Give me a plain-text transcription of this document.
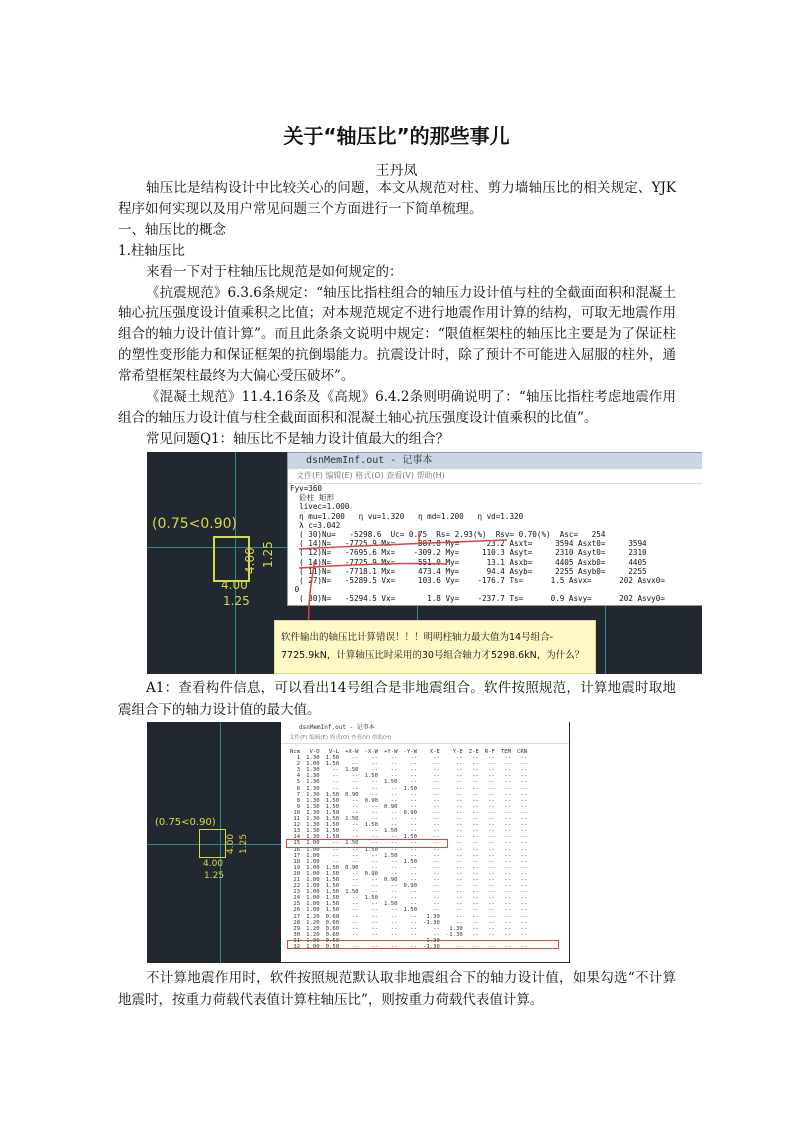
关于“轴压比”的那些事儿
王丹凤
轴压比是结构设计中比较关心的问题，本文从规范对柱、剪力墙轴压比的相关规定、YJK程序如何实现以及用户常见问题三个方面进行一下简单梳理。
一、轴压比的概念
1.柱轴压比
来看一下对于柱轴压比规范是如何规定的：
《抗震规范》6.3.6条规定：“轴压比指柱组合的轴压力设计值与柱的全截面面积和混凝土轴心抗压强度设计值乘积之比值；对本规范规定不进行地震作用计算的结构，可取无地震作用组合的轴力设计值计算”。而且此条条文说明中规定：“限值框架柱的轴压比主要是为了保证柱的塑性变形能力和保证框架的抗倒塌能力。抗震设计时，除了预计不可能进入屈服的柱外，通常希望框架柱最终为大偏心受压破坏”。
《混凝土规范》11.4.16条及《高规》6.4.2条则明确说明了：“轴压比指柱考虑地震作用组合的轴压力设计值与柱全截面面积和混凝土轴心抗压强度设计值乘积的比值”。
常见问题Q1：轴压比不是轴力设计值最大的组合？
(0.75<0.90)
4.00 1.25
4.00
1.25
dsnMemInf.out - 记事本
文件(F) 编辑(E) 格式(O) 查看(V) 帮助(H)
Fyv=360
砼柱 矩形
livec=1.000
η mu=1.200   η vu=1.320   η md=1.200   η vd=1.320
λ c=3.042
( 30)Nu=   -5298.6  Uc= 0.75  Rs= 2.93(%)  Rsv= 0.70(%)  Asc=   254
( 14)N=   -7725.9 Mx=    -387.8 My=      23.2 Asxt=     3594 Asxt0=     3594
( 12)N=   -7695.6 Mx=    -309.2 My=     110.3 Asyt=     2310 Asyt0=     2310
( 14)N=   -7725.9 Mx=     551.0 My=      13.1 Asxb=     4405 Asxb0=     4405
( 11)N=   -7718.1 Mx=     473.4 My=      94.4 Asyb=     2255 Asyb0=     2255
( 27)N=   -5289.5 Vx=     103.6 Vy=    -176.7 Ts=      1.5 Asvx=      202 Asvx0=
0
( 30)N=   -5294.5 Vx=       1.8 Vy=    -237.7 Ts=      0.9 Asvy=      202 Asvy0=
软件输出的轴压比计算错误！！！明明柱轴力最大值为14号组合-
7725.9kN，计算轴压比时采用的30号组合轴力才5298.6kN，为什么？
A1：查看构件信息，可以看出14号组合是非地震组合。软件按照规范，计算地震时取地震组合下的轴力设计值的最大值。
(0.75<0.90)
4.00 1.25
4.00
1.25
dsnMemInf.out - 记事本
文件(F) 编辑(E) 格式(O) 查看(V) 帮助(H)
Ncm	V-D	V-L	+X-W	-X-W	+Y-W	-Y-W	X-E	Y-E	Z-E	R-F	TEM	CRN
1	1.30	1.50	--	--	--	--	--	--	--	--	--	--
2	1.00	1.50	--	--	--	--	--	--	--	--	--	--
3	1.30	--	1.50	--	--	--	--	--	--	--	--	--
4	1.30	--	--	1.50	--	--	--	--	--	--	--	--
5	1.30	--	--	--	1.50	--	--	--	--	--	--	--
6	1.30	--	--	--	--	1.50	--	--	--	--	--	--
7	1.30	1.50	0.90	--	--	--	--	--	--	--	--	--
8	1.30	1.50	--	0.90	--	--	--	--	--	--	--	--
9	1.30	1.50	--	--	0.90	--	--	--	--	--	--	--
10	1.30	1.50	--	--	--	0.90	--	--	--	--	--	--
11	1.30	1.50	1.50	--	--	--	--	--	--	--	--	--
12	1.30	1.50	--	1.50	--	--	--	--	--	--	--	--
13	1.30	1.50	--	--	1.50	--	--	--	--	--	--	--
14	1.30	1.50	--	--	--	1.50	--	--	--	--	--	--
15	1.00	--	1.50	--	--	--	--	--	--	--	--	--
16	1.00	--	--	1.50	--	--	--	--	--	--	--	--
17	1.00	--	--	--	1.50	--	--	--	--	--	--	--
18	1.00	--	--	--	--	1.50	--	--	--	--	--	--
19	1.00	1.50	0.90	--	--	--	--	--	--	--	--	--
20	1.00	1.50	--	0.90	--	--	--	--	--	--	--	--
21	1.00	1.50	--	--	0.90	--	--	--	--	--	--	--
22	1.00	1.50	--	--	--	0.90	--	--	--	--	--	--
23	1.00	1.50	1.50	--	--	--	--	--	--	--	--	--
24	1.00	1.50	--	1.50	--	--	--	--	--	--	--	--
25	1.00	1.50	--	--	1.50	--	--	--	--	--	--	--
26	1.00	1.50	--	--	--	1.50	--	--	--	--	--	--
27	1.20	0.60	--	--	--	--	1.30	--	--	--	--	--
28	1.20	0.60	--	--	--	--	-1.30	--	--	--	--	--
29	1.20	0.60	--	--	--	--	--	1.30	--	--	--	--
30	1.20	0.60	--	--	--	--	--	-1.30	--	--	--	--
31	1.00	0.50	--	--	--	--	1.30	--	--	--	--	--
32	1.00	0.50	--	--	--	--	-1.30	--	--	--	--	--
不计算地震作用时，软件按照规范默认取非地震组合下的轴力设计值，如果勾选“不计算地震时，按重力荷载代表值计算柱轴压比”，则按重力荷载代表值计算。
